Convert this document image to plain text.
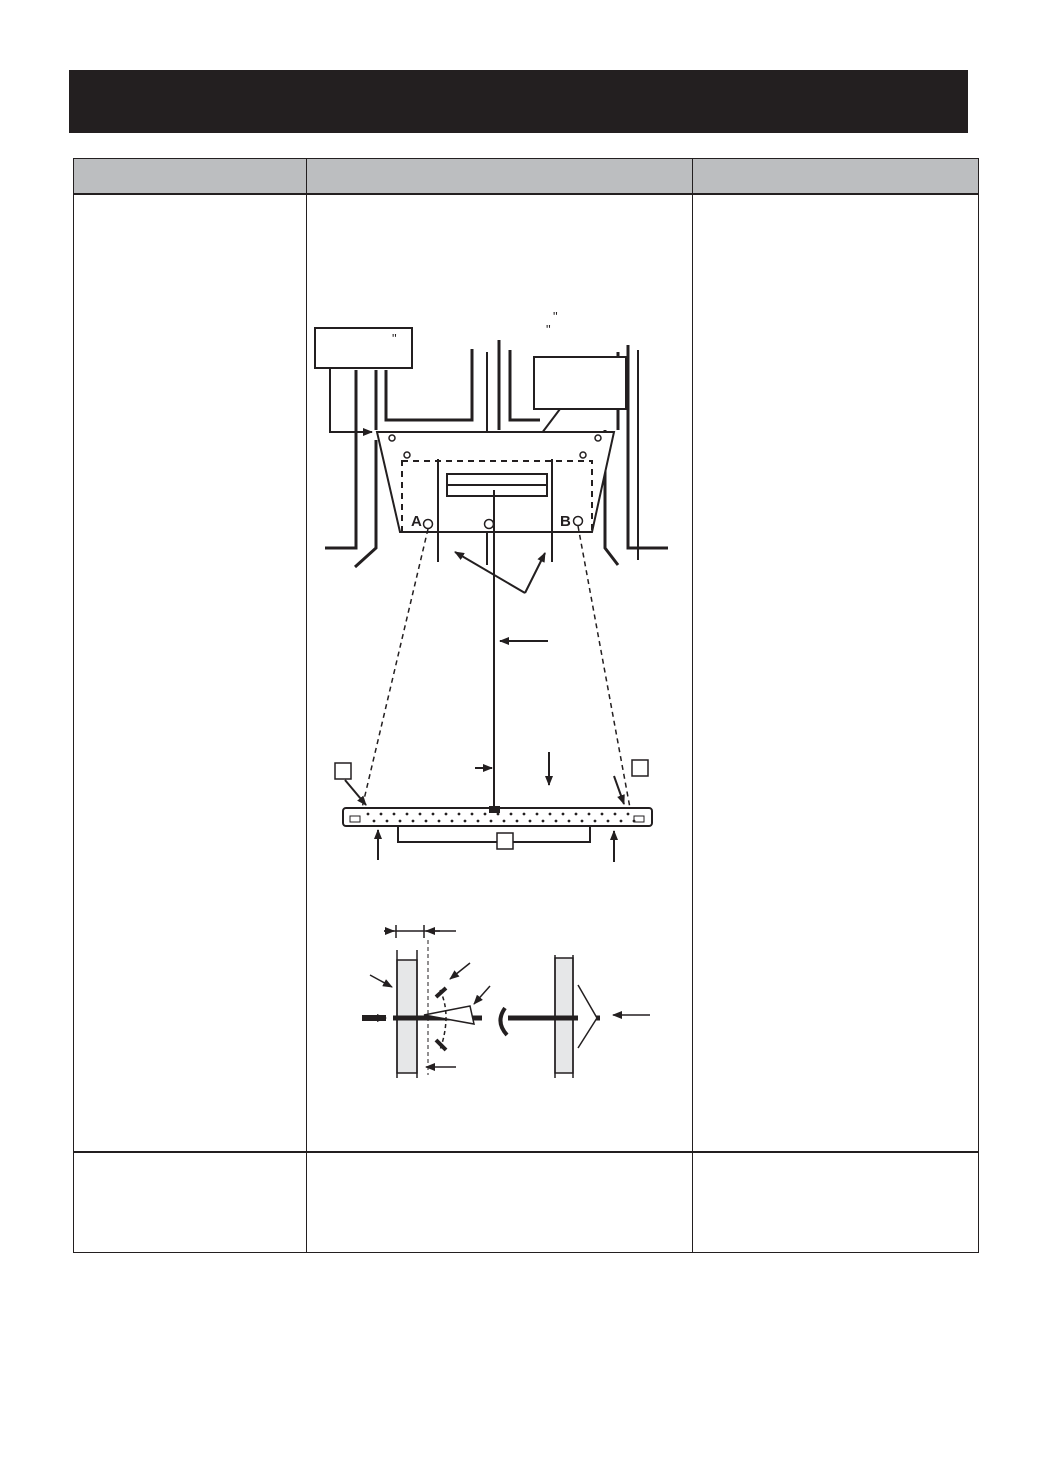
"
"
"
A	B
